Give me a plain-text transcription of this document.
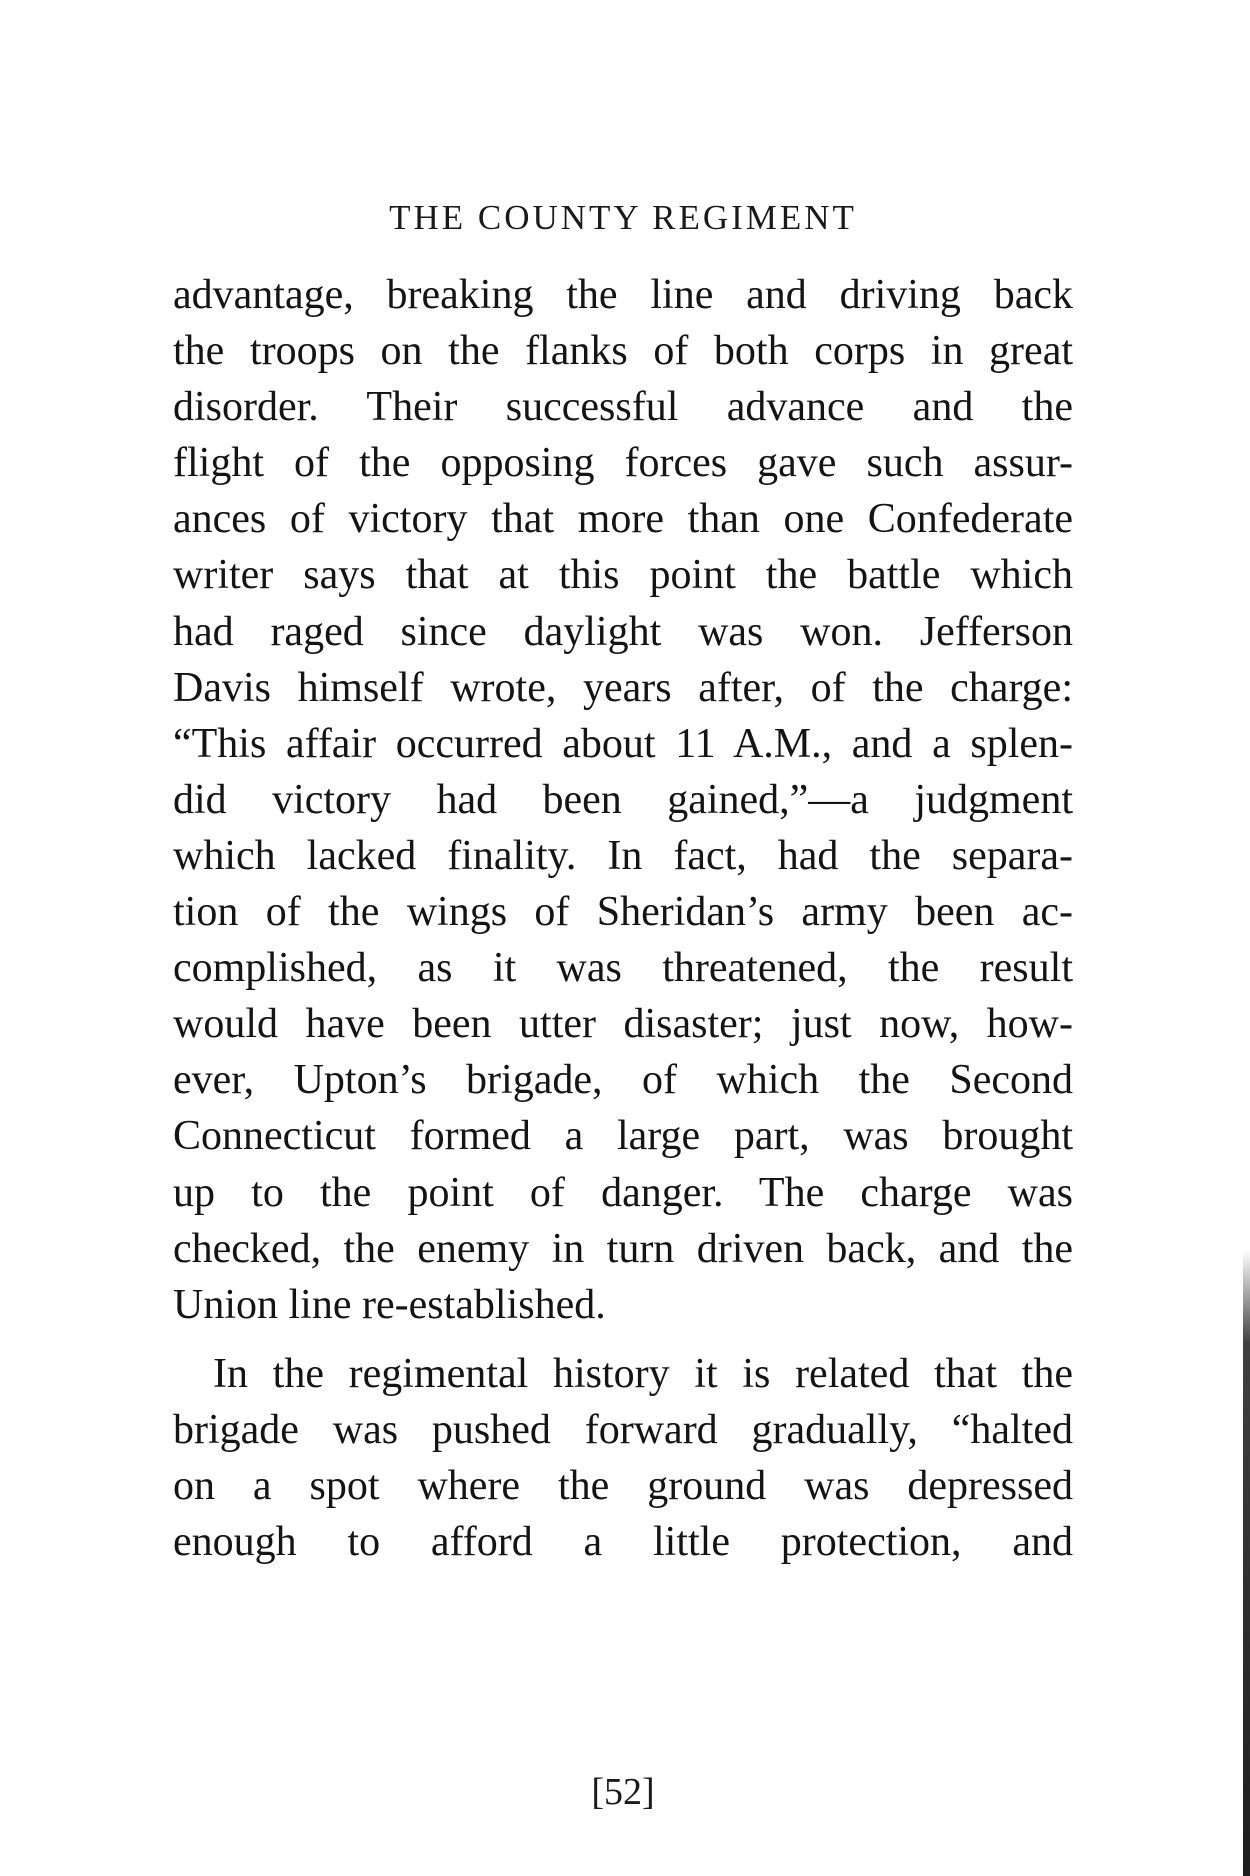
THE COUNTY REGIMENT
advantage, breaking the line and driving back
the troops on the flanks of both corps in great
disorder. Their successful advance and the
flight of the opposing forces gave such assur-
ances of victory that more than one Confederate
writer says that at this point the battle which
had raged since daylight was won. Jefferson
Davis himself wrote, years after, of the charge:
“This affair occurred about 11 A.M., and a splen-
did victory had been gained,”—a judgment
which lacked finality. In fact, had the separa-
tion of the wings of Sheridan’s army been ac-
complished, as it was threatened, the result
would have been utter disaster; just now, how-
ever, Upton’s brigade, of which the Second
Connecticut formed a large part, was brought
up to the point of danger. The charge was
checked, the enemy in turn driven back, and the
Union line re-established.
In the regimental history it is related that the
brigade was pushed forward gradually, “halted
on a spot where the ground was depressed
enough to afford a little protection, and
[52]
